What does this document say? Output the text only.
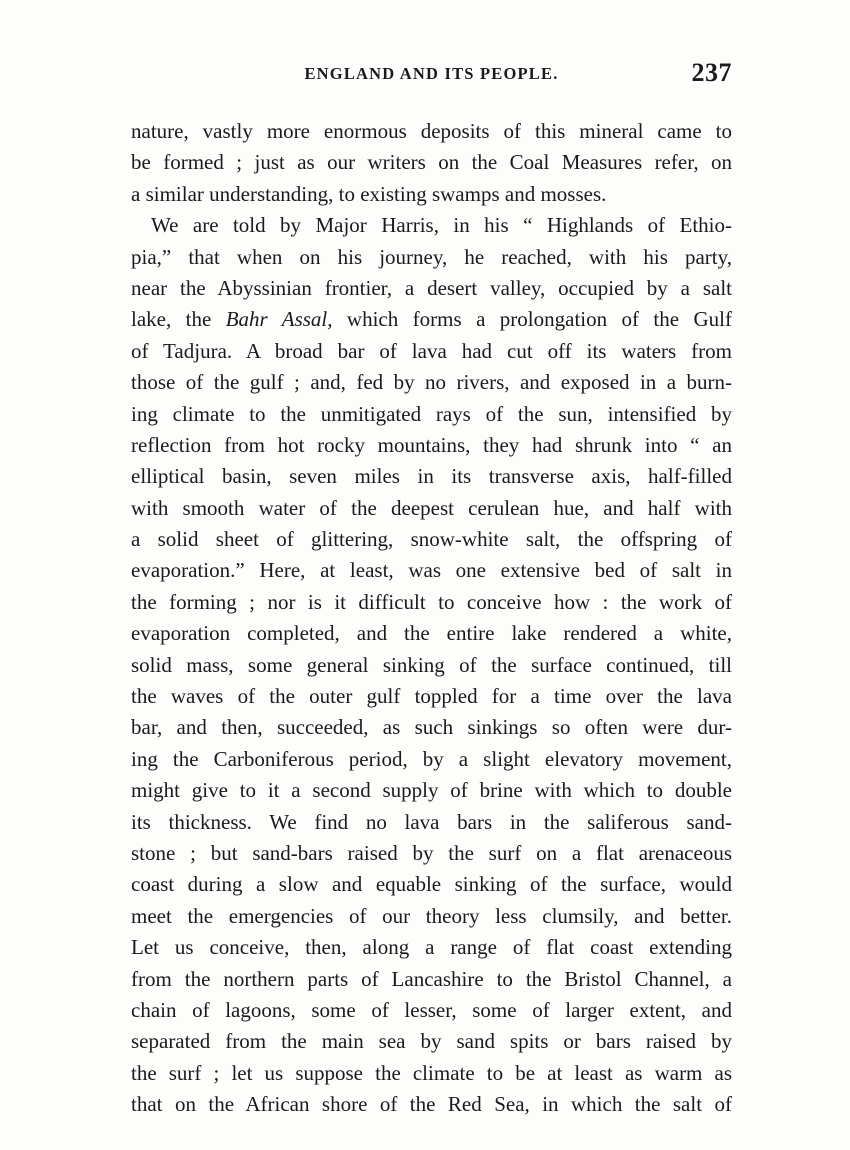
ENGLAND AND ITS PEOPLE.	237
nature, vastly more enormous deposits of this mineral came to
be formed ; just as our writers on the Coal Measures refer, on
a similar understanding, to existing swamps and mosses.
We are told by Major Harris, in his “ Highlands of Ethio-
pia,” that when on his journey, he reached, with his party,
near the Abyssinian frontier, a desert valley, occupied by a salt
lake, the Bahr Assal, which forms a prolongation of the Gulf
of Tadjura. A broad bar of lava had cut off its waters from
those of the gulf ; and, fed by no rivers, and exposed in a burn-
ing climate to the unmitigated rays of the sun, intensified by
reflection from hot rocky mountains, they had shrunk into “ an
elliptical basin, seven miles in its transverse axis, half-filled
with smooth water of the deepest cerulean hue, and half with
a solid sheet of glittering, snow-white salt, the offspring of
evaporation.” Here, at least, was one extensive bed of salt in
the forming ; nor is it difficult to conceive how : the work of
evaporation completed, and the entire lake rendered a white,
solid mass, some general sinking of the surface continued, till
the waves of the outer gulf toppled for a time over the lava
bar, and then, succeeded, as such sinkings so often were dur-
ing the Carboniferous period, by a slight elevatory movement,
might give to it a second supply of brine with which to double
its thickness. We find no lava bars in the saliferous sand-
stone ; but sand-bars raised by the surf on a flat arenaceous
coast during a slow and equable sinking of the surface, would
meet the emergencies of our theory less clumsily, and better.
Let us conceive, then, along a range of flat coast extending
from the northern parts of Lancashire to the Bristol Channel, a
chain of lagoons, some of lesser, some of larger extent, and
separated from the main sea by sand spits or bars raised by
the surf ; let us suppose the climate to be at least as warm as
that on the African shore of the Red Sea, in which the salt of
